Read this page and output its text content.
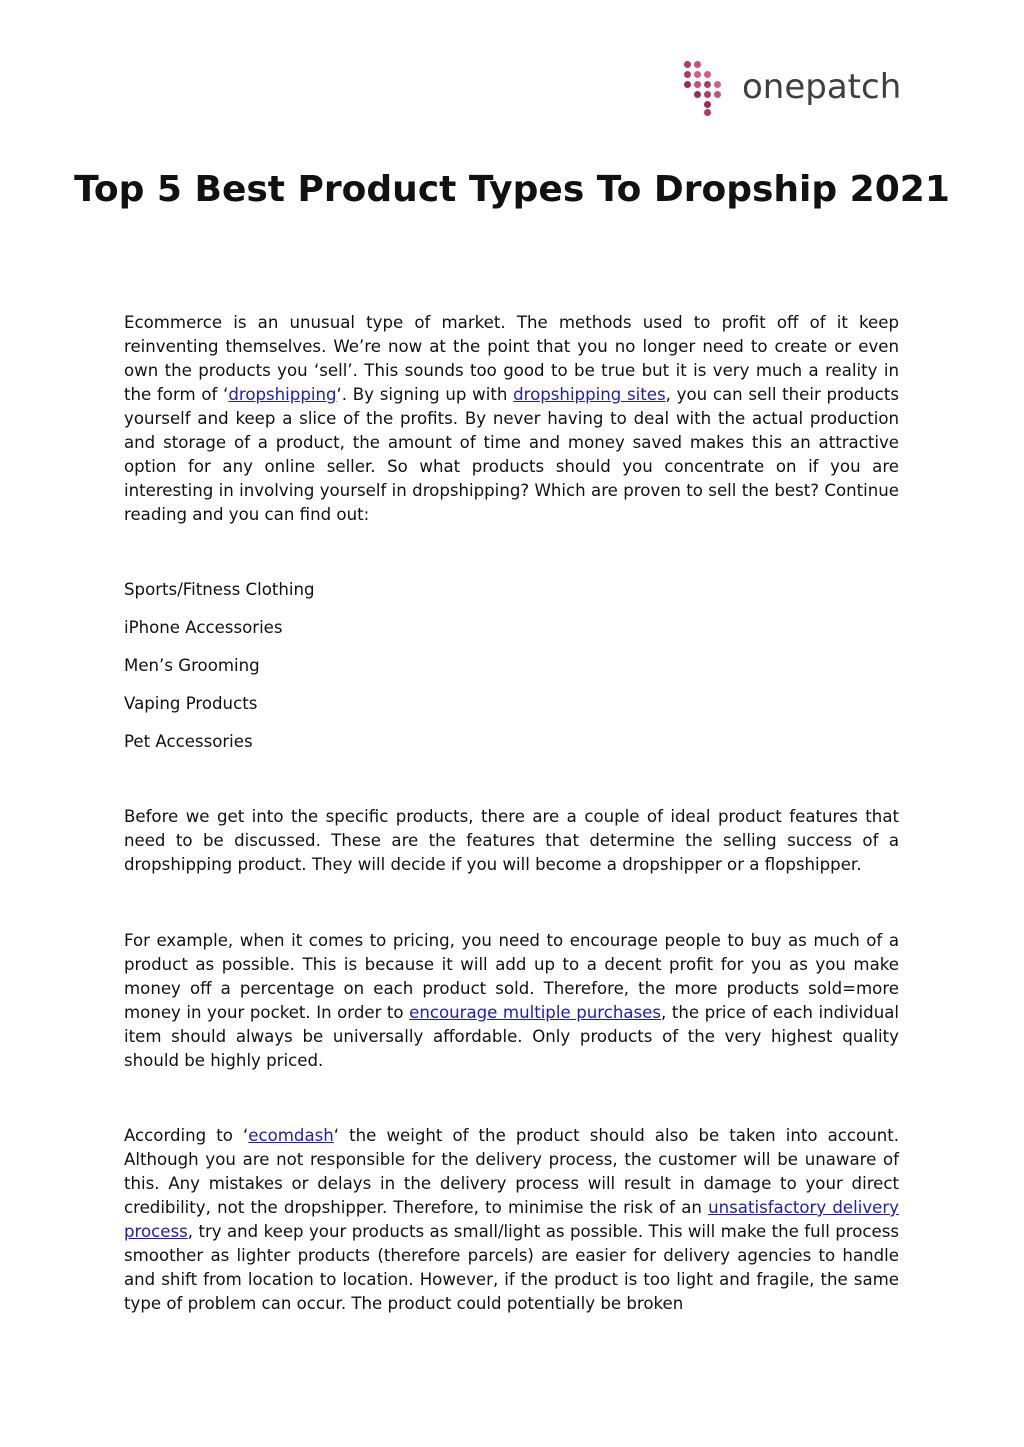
onepatch
Top 5 Best Product Types To Dropship 2021

Ecommerce is an unusual type of market. The methods used to profit off of it keep reinventing themselves. We’re now at the point that you no longer need to create or even own the products you ‘sell’. This sounds too good to be true but it is very much a reality in the form of ‘dropshipping‘. By signing up with dropshipping sites, you can sell their products yourself and keep a slice of the profits. By never having to deal with the actual production and storage of a product, the amount of time and money saved makes this an attractive option for any online seller. So what products should you concentrate on if you are interesting in involving yourself in dropshipping? Which are proven to sell the best? Continue reading and you can find out:

Sports/Fitness Clothing

iPhone Accessories

Men’s Grooming

Vaping Products

Pet Accessories

Before we get into the specific products, there are a couple of ideal product features that need to be discussed. These are the features that determine the selling success of a dropshipping product. They will decide if you will become a dropshipper or a flopshipper.

For example, when it comes to pricing, you need to encourage people to buy as much of a product as possible. This is because it will add up to a decent profit for you as you make money off a percentage on each product sold. Therefore, the more products sold=more money in your pocket. In order to encourage multiple purchases, the price of each individual item should always be universally affordable. Only products of the very highest quality should be highly priced.

According to ‘ecomdash‘ the weight of the product should also be taken into account. Although you are not responsible for the delivery process, the customer will be unaware of this. Any mistakes or delays in the delivery process will result in damage to your direct credibility, not the dropshipper. Therefore, to minimise the risk of an unsatisfactory delivery process, try and keep your products as small/light as possible. This will make the full process smoother as lighter products (therefore parcels) are easier for delivery agencies to handle and shift from location to location. However, if the product is too light and fragile, the same type of problem can occur. The product could potentially be broken
